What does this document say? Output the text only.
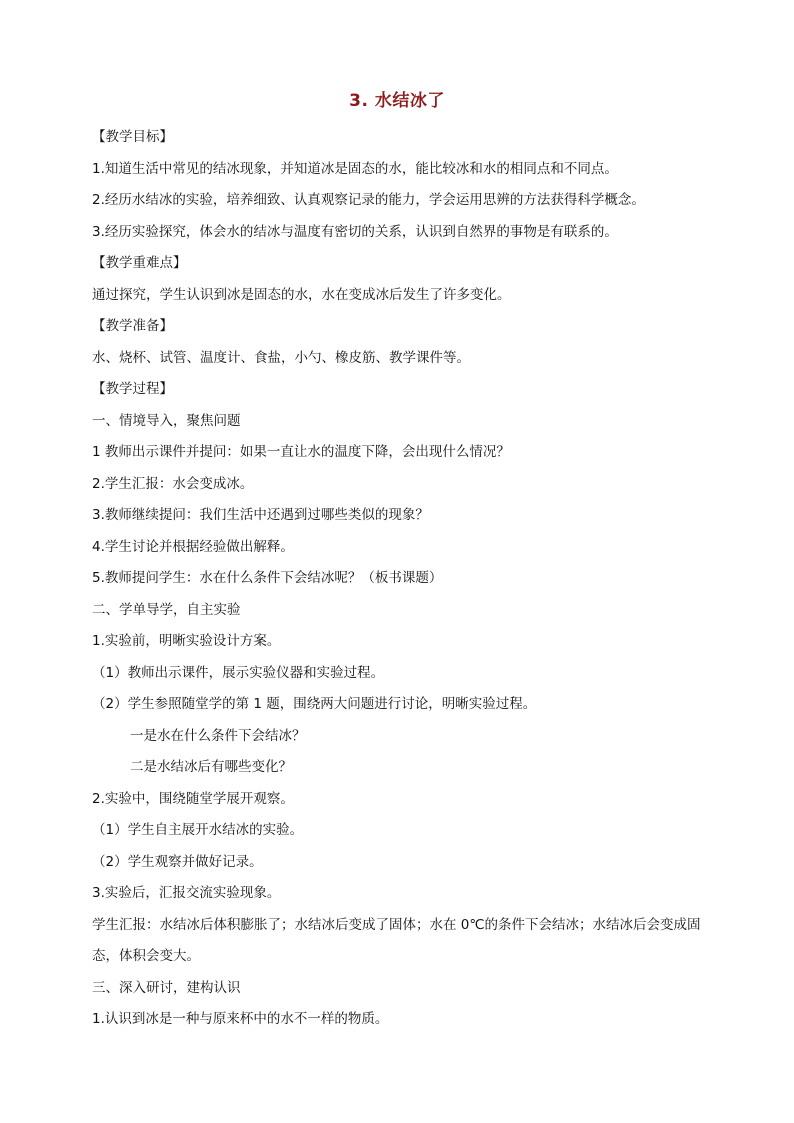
3. 水结冰了
【教学目标】
1.知道生活中常见的结冰现象，并知道冰是固态的水，能比较冰和水的相同点和不同点。
2.经历水结冰的实验，培养细致、认真观察记录的能力，学会运用思辨的方法获得科学概念。
3.经历实验探究，体会水的结冰与温度有密切的关系，认识到自然界的事物是有联系的。
【教学重难点】
通过探究，学生认识到冰是固态的水，水在变成冰后发生了许多变化。
【教学准备】
水、烧杯、试管、温度计、食盐，小勺、橡皮筋、教学课件等。
【教学过程】
一、情境导入，聚焦问题
1 教师出示课件并提问：如果一直让水的温度下降，会出现什么情况？
2.学生汇报：水会变成冰。
3.教师继续提问：我们生活中还遇到过哪些类似的现象？
4.学生讨论并根据经验做出解释。
5.教师提问学生：水在什么条件下会结冰呢？（板书课题）
二、学单导学，自主实验
1.实验前，明晰实验设计方案。
（1）教师出示课件，展示实验仪器和实验过程。
（2）学生参照随堂学的第 1 题，围绕两大问题进行讨论，明晰实验过程。
一是水在什么条件下会结冰？
二是水结冰后有哪些变化？
2.实验中，围绕随堂学展开观察。
（1）学生自主展开水结冰的实验。
（2）学生观察并做好记录。
3.实验后，汇报交流实验现象。
学生汇报：水结冰后体积膨胀了；水结冰后变成了固体；水在 0℃的条件下会结冰；水结冰后会变成固态，体积会变大。
三、深入研讨，建构认识
1.认识到冰是一种与原来杯中的水不一样的物质。
